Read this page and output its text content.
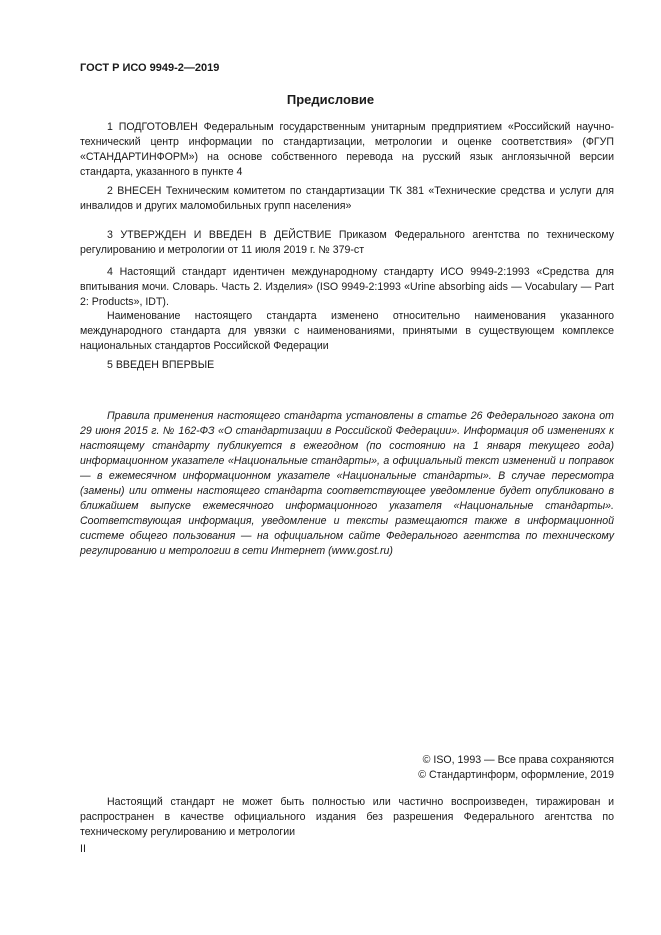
ГОСТ Р ИСО 9949-2—2019
Предисловие

1 ПОДГОТОВЛЕН Федеральным государственным унитарным предприятием «Российский научно-технический центр информации по стандартизации, метрологии и оценке соответствия» (ФГУП «СТАНДАРТИНФОРМ») на основе собственного перевода на русский язык англоязычной версии стандарта, указанного в пункте 4

2 ВНЕСЕН Техническим комитетом по стандартизации ТК 381 «Технические средства и услуги для инвалидов и других маломобильных групп населения»

3 УТВЕРЖДЕН И ВВЕДЕН В ДЕЙСТВИЕ Приказом Федерального агентства по техническому регулированию и метрологии от 11 июля 2019 г. № 379-ст

4 Настоящий стандарт идентичен международному стандарту ИСО 9949-2:1993 «Средства для впитывания мочи. Словарь. Часть 2. Изделия» (ISO 9949-2:1993 «Urine absorbing aids — Vocabulary — Part 2: Products», IDT).

Наименование настоящего стандарта изменено относительно наименования указанного международного стандарта для увязки с наименованиями, принятыми в существующем комплексе национальных стандартов Российской Федерации

5 ВВЕДЕН ВПЕРВЫЕ

Правила применения настоящего стандарта установлены в статье 26 Федерального закона от 29 июня 2015 г. № 162-ФЗ «О стандартизации в Российской Федерации». Информация об изменениях к настоящему стандарту публикуется в ежегодном (по состоянию на 1 января текущего года) информационном указателе «Национальные стандарты», а официальный текст изменений и поправок — в ежемесячном информационном указателе «Национальные стандарты». В случае пересмотра (замены) или отмены настоящего стандарта соответствующее уведомление будет опубликовано в ближайшем выпуске ежемесячного информационного указателя «Национальные стандарты». Соответствующая информация, уведомление и тексты размещаются также в информационной системе общего пользования — на официальном сайте Федерального агентства по техническому регулированию и метрологии в сети Интернет (www.gost.ru)

© ISO, 1993 — Все права сохраняются
© Стандартинформ, оформление, 2019

Настоящий стандарт не может быть полностью или частично воспроизведен, тиражирован и распространен в качестве официального издания без разрешения Федерального агентства по техническому регулированию и метрологии

II
